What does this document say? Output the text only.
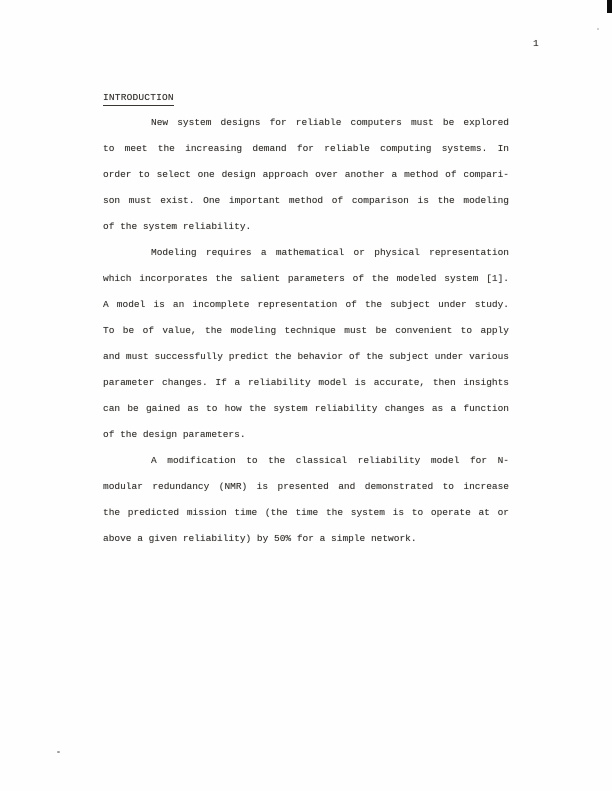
1
INTRODUCTION
New system designs for reliable computers must be explored
to meet the increasing demand for reliable computing systems. In
order to select one design approach over another a method of compari-
son must exist. One important method of comparison is the modeling
of the system reliability.
Modeling requires a mathematical or physical representation
which incorporates the salient parameters of the modeled system [1].
A model is an incomplete representation of the subject under study.
To be of value, the modeling technique must be convenient to apply
and must successfully predict the behavior of the subject under various
parameter changes. If a reliability model is accurate, then insights
can be gained as to how the system reliability changes as a function
of the design parameters.
A modification to the classical reliability model for N-
modular redundancy (NMR) is presented and demonstrated to increase
the predicted mission time (the time the system is to operate at or
above a given reliability) by 50% for a simple network.
